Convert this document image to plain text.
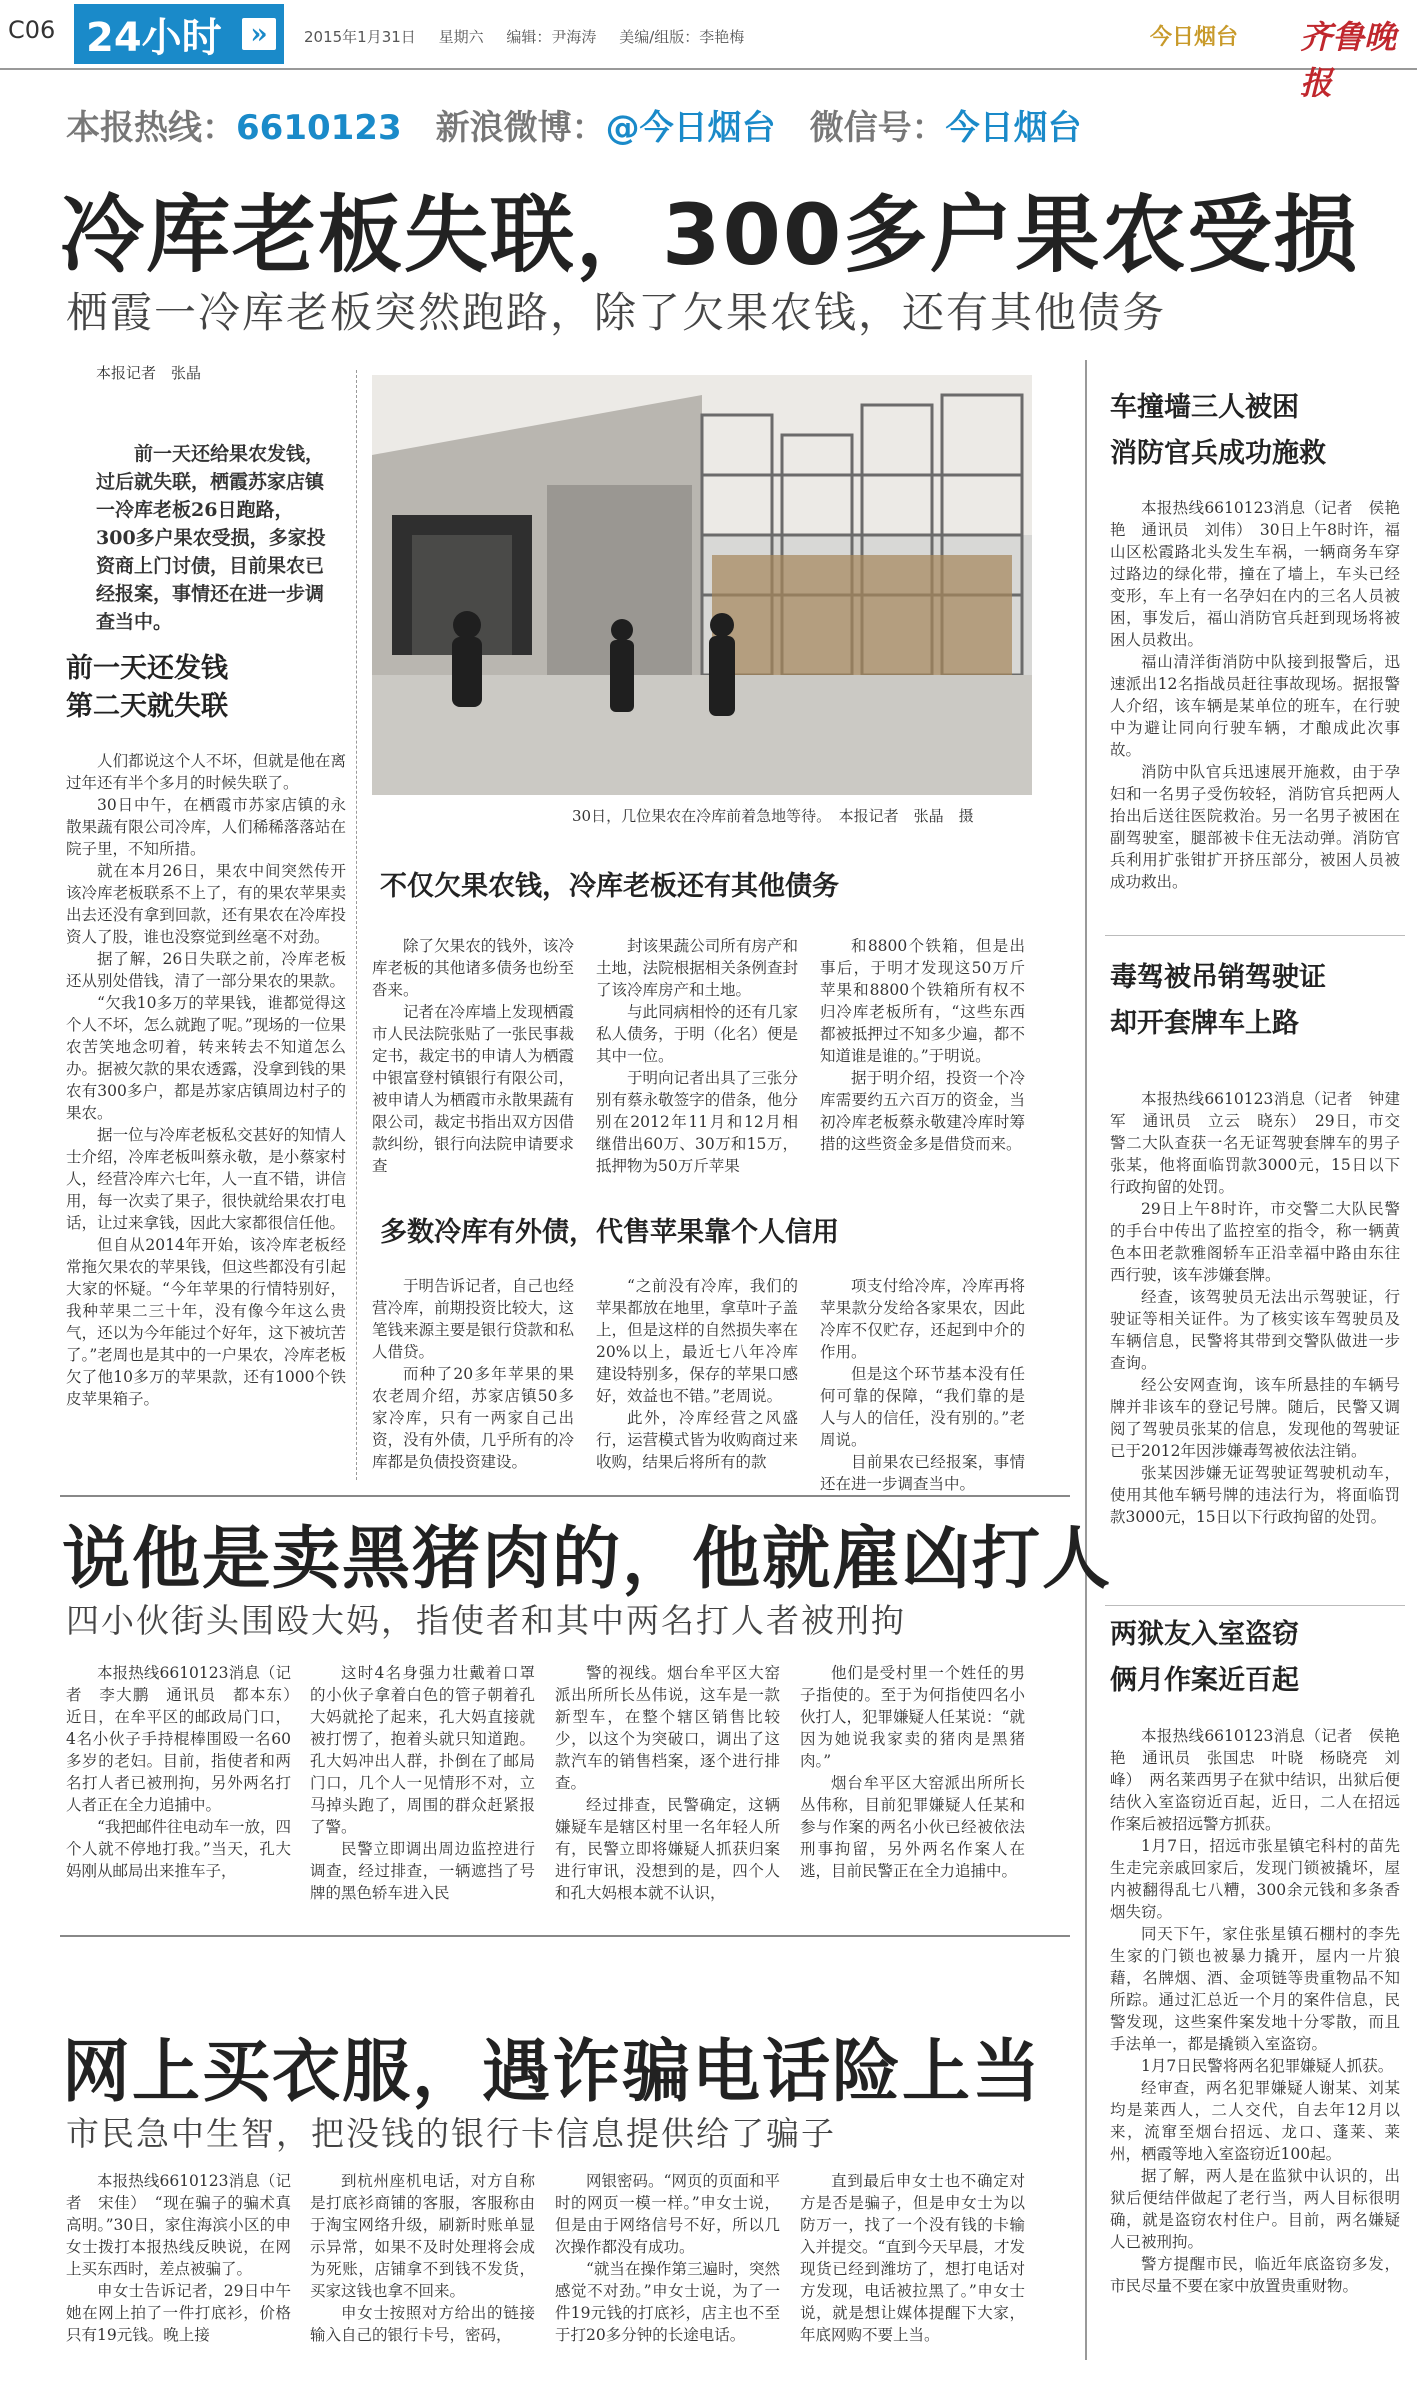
C06 24小时 »	2015年1月31日 星期六 编辑：尹海涛 美编/组版：李艳梅	今日烟台 齐鲁晚报
本报热线：6610123 新浪微博：@今日烟台 微信号：今日烟台
冷库老板失联，300多户果农受损
栖霞一冷库老板突然跑路，除了欠果农钱，还有其他债务
本报记者　张晶
前一天还给果农发钱，过后就失联，栖霞苏家店镇一冷库老板26日跑路，300多户果农受损，多家投资商上门讨债，目前果农已经报案，事情还在进一步调查当中。
前一天还发钱
第二天就失联

人们都说这个人不坏，但就是他在离过年还有半个多月的时候失联了。

30日中午，在栖霞市苏家店镇的永散果蔬有限公司冷库，人们稀稀落落站在院子里，不知所措。

就在本月26日，果农中间突然传开该冷库老板联系不上了，有的果农苹果卖出去还没有拿到回款，还有果农在冷库投资人了股，谁也没察觉到丝毫不对劲。

据了解，26日失联之前，冷库老板还从别处借钱，清了一部分果农的果款。

“欠我10多万的苹果钱，谁都觉得这个人不坏，怎么就跑了呢。”现场的一位果农苦笑地念叨着，转来转去不知道怎么办。据被欠款的果农透露，没拿到钱的果农有300多户，都是苏家店镇周边村子的果农。

据一位与冷库老板私交甚好的知情人士介绍，冷库老板叫蔡永敬，是小蔡家村人，经营冷库六七年，人一直不错，讲信用，每一次卖了果子，很快就给果农打电话，让过来拿钱，因此大家都很信任他。

但自从2014年开始，该冷库老板经常拖欠果农的苹果钱，但这些都没有引起大家的怀疑。“今年苹果的行情特别好，我种苹果二三十年，没有像今年这么贵气，还以为今年能过个好年，这下被坑苦了。”老周也是其中的一户果农，冷库老板欠了他10多万的苹果款，还有1000个铁皮苹果箱子。

30日，几位果农在冷库前着急地等待。　本报记者　张晶　摄
不仅欠果农钱，冷库老板还有其他债务

除了欠果农的钱外，该冷库老板的其他诸多债务也纷至沓来。

记者在冷库墙上发现栖霞市人民法院张贴了一张民事裁定书，裁定书的申请人为栖霞中银富登村镇银行有限公司，被申请人为栖霞市永散果蔬有限公司，裁定书指出双方因借款纠纷，银行向法院申请要求查

封该果蔬公司所有房产和土地，法院根据相关条例查封了该冷库房产和土地。

与此同病相怜的还有几家私人债务，于明（化名）便是其中一位。

于明向记者出具了三张分别有蔡永敬签字的借条，他分别在2012年11月和12月相继借出60万、30万和15万，抵押物为50万斤苹果

和8800个铁箱，但是出事后，于明才发现这50万斤苹果和8800个铁箱所有权不归冷库老板所有，“这些东西都被抵押过不知多少遍，都不知道谁是谁的。”于明说。

据于明介绍，投资一个冷库需要约五六百万的资金，当初冷库老板蔡永敬建冷库时筹措的这些资金多是借贷而来。

多数冷库有外债，代售苹果靠个人信用

于明告诉记者，自己也经营冷库，前期投资比较大，这笔钱来源主要是银行贷款和私人借贷。

而种了20多年苹果的果农老周介绍，苏家店镇50多家冷库，只有一两家自己出资，没有外债，几乎所有的冷库都是负债投资建设。

“之前没有冷库，我们的苹果都放在地里，拿草叶子盖上，但是这样的自然损失率在20%以上，最近七八年冷库建设特别多，保存的苹果口感好，效益也不错。”老周说。

此外，冷库经营之风盛行，运营模式皆为收购商过来收购，结果后将所有的款

项支付给冷库，冷库再将苹果款分发给各家果农，因此冷库不仅贮存，还起到中介的作用。

但是这个环节基本没有任何可靠的保障，“我们靠的是人与人的信任，没有别的。”老周说。

目前果农已经报案，事情还在进一步调查当中。

车撞墙三人被困
消防官兵成功施救

本报热线6610123消息（记者　侯艳艳　通讯员　刘伟）　30日上午8时许，福山区松霞路北头发生车祸，一辆商务车穿过路边的绿化带，撞在了墙上，车头已经变形，车上有一名孕妇在内的三名人员被困，事发后，福山消防官兵赶到现场将被困人员救出。

福山清洋街消防中队接到报警后，迅速派出12名指战员赶往事故现场。据报警人介绍，该车辆是某单位的班车，在行驶中为避让同向行驶车辆，才酿成此次事故。

消防中队官兵迅速展开施救，由于孕妇和一名男子受伤较轻，消防官兵把两人抬出后送往医院救治。另一名男子被困在副驾驶室，腿部被卡住无法动弹。消防官兵利用扩张钳扩开挤压部分，被困人员被成功救出。

毒驾被吊销驾驶证
却开套牌车上路

本报热线6610123消息（记者　钟建军　通讯员　立云　晓东）　29日，市交警二大队查获一名无证驾驶套牌车的男子张某，他将面临罚款3000元，15日以下行政拘留的处罚。

29日上午8时许，市交警二大队民警的手台中传出了监控室的指令，称一辆黄色本田老款雅阁轿车正沿幸福中路由东往西行驶，该车涉嫌套牌。

经查，该驾驶员无法出示驾驶证，行驶证等相关证件。为了核实该车驾驶员及车辆信息，民警将其带到交警队做进一步查询。

经公安网查询，该车所悬挂的车辆号牌并非该车的登记号牌。随后，民警又调阅了驾驶员张某的信息，发现他的驾驶证已于2012年因涉嫌毒驾被依法注销。

张某因涉嫌无证驾驶证驾驶机动车，使用其他车辆号牌的违法行为，将面临罚款3000元，15日以下行政拘留的处罚。

两狱友入室盗窃
俩月作案近百起

本报热线6610123消息（记者　侯艳艳　通讯员　张国忠　叶晓　杨晓亮　刘峰）　两名莱西男子在狱中结识，出狱后便结伙入室盗窃近百起，近日，二人在招远作案后被招远警方抓获。

1月7日，招远市张星镇宅科村的苗先生走完亲戚回家后，发现门锁被撬坏，屋内被翻得乱七八糟，300余元钱和多条香烟失窃。

同天下午，家住张星镇石棚村的李先生家的门锁也被暴力撬开，屋内一片狼藉，名牌烟、酒、金项链等贵重物品不知所踪。通过汇总近一个月的案件信息，民警发现，这些案件案发地十分零散，而且手法单一，都是撬锁入室盗窃。

1月7日民警将两名犯罪嫌疑人抓获。

经审查，两名犯罪嫌疑人谢某、刘某均是莱西人，二人交代，自去年12月以来，流窜至烟台招远、龙口、蓬莱、莱州，栖霞等地入室盗窃近100起。

据了解，两人是在监狱中认识的，出狱后便结伴做起了老行当，两人目标很明确，就是盗窃农村住户。目前，两名嫌疑人已被刑拘。

警方提醒市民，临近年底盗窃多发，市民尽量不要在家中放置贵重财物。

说他是卖黑猪肉的，他就雇凶打人
四小伙街头围殴大妈，指使者和其中两名打人者被刑拘

本报热线6610123消息（记者　李大鹏　通讯员　都本东）　近日，在牟平区的邮政局门口，4名小伙子手持棍棒围殴一名60多岁的老妇。目前，指使者和两名打人者已被刑拘，另外两名打人者正在全力追捕中。

“我把邮件往电动车一放，四个人就不停地打我。”当天，孔大妈刚从邮局出来推车子，

这时4名身强力壮戴着口罩的小伙子拿着白色的管子朝着孔大妈就抡了起来，孔大妈直接就被打愣了，抱着头就只知道跑。孔大妈冲出人群，扑倒在了邮局门口，几个人一见情形不对，立马掉头跑了，周围的群众赶紧报了警。

民警立即调出周边监控进行调查，经过排查，一辆遮挡了号牌的黑色轿车进入民

警的视线。烟台牟平区大窑派出所所长丛伟说，这车是一款新型车，在整个辖区销售比较少，以这个为突破口，调出了这款汽车的销售档案，逐个进行排查。

经过排查，民警确定，这辆嫌疑车是辖区村里一名年轻人所有，民警立即将嫌疑人抓获归案进行审讯，没想到的是，四个人和孔大妈根本就不认识，

他们是受村里一个姓任的男子指使的。至于为何指使四名小伙打人，犯罪嫌疑人任某说：“就因为她说我家卖的猪肉是黑猪肉。”

烟台牟平区大窑派出所所长丛伟称，目前犯罪嫌疑人任某和参与作案的两名小伙已经被依法刑事拘留，另外两名作案人在逃，目前民警正在全力追捕中。

网上买衣服，遇诈骗电话险上当
市民急中生智，把没钱的银行卡信息提供给了骗子

本报热线6610123消息（记者　宋佳）　“现在骗子的骗术真高明。”30日，家住海滨小区的申女士拨打本报热线反映说，在网上买东西时，差点被骗了。

申女士告诉记者，29日中午她在网上拍了一件打底衫，价格只有19元钱。晚上接

到杭州座机电话，对方自称是打底衫商铺的客服，客服称由于淘宝网络升级，刷新时账单显示异常，如果不及时处理将会成为死账，店铺拿不到钱不发货，买家这钱也拿不回来。

申女士按照对方给出的链接输入自己的银行卡号，密码，

网银密码。“网页的页面和平时的网页一模一样。”申女士说，但是由于网络信号不好，所以几次操作都没有成功。

“就当在操作第三遍时，突然感觉不对劲。”申女士说，为了一件19元钱的打底衫，店主也不至于打20多分钟的长途电话。

直到最后申女士也不确定对方是否是骗子，但是申女士为以防万一，找了一个没有钱的卡输入并提交。“直到今天早晨，才发现货已经到潍坊了，想打电话对方发现，电话被拉黑了。”申女士说，就是想让媒体提醒下大家，年底网购不要上当。
